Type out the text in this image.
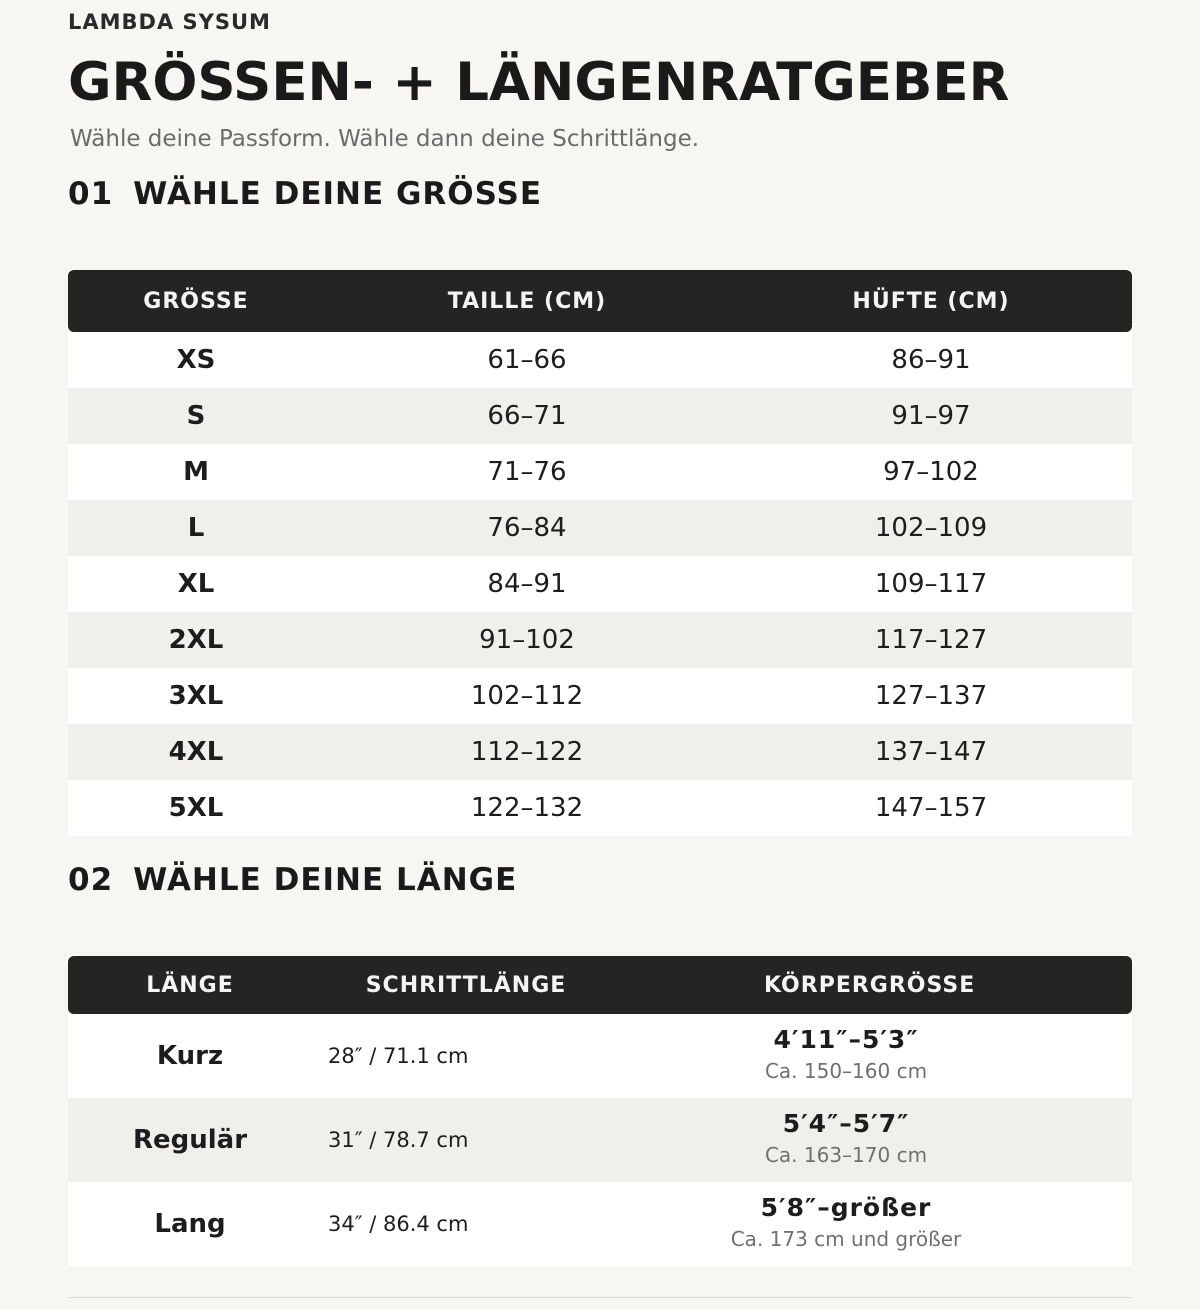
LAMBDA SYSUM
GRÖSSEN- + LÄNGENRATGEBER
Wähle deine Passform. Wähle dann deine Schrittlänge.
01 WÄHLE DEINE GRÖSSE
GRÖSSE	TAILLE (CM)	HÜFTE (CM)
XS	61–66	86–91
S	66–71	91–97
M	71–76	97–102
L	76–84	102–109
XL	84–91	109–117
2XL	91–102	117–127
3XL	102–112	127–137
4XL	112–122	137–147
5XL	122–132	147–157
02 WÄHLE DEINE LÄNGE
LÄNGE	SCHRITTLÄNGE	KÖRPERGRÖSSE
Kurz	28″ / 71.1 cm	4′11″–5′3″
Ca. 150–160 cm

Regulär	31″ / 78.7 cm	5′4″–5′7″
Ca. 163–170 cm

Lang	34″ / 86.4 cm	5′8″–größer
Ca. 173 cm und größer
